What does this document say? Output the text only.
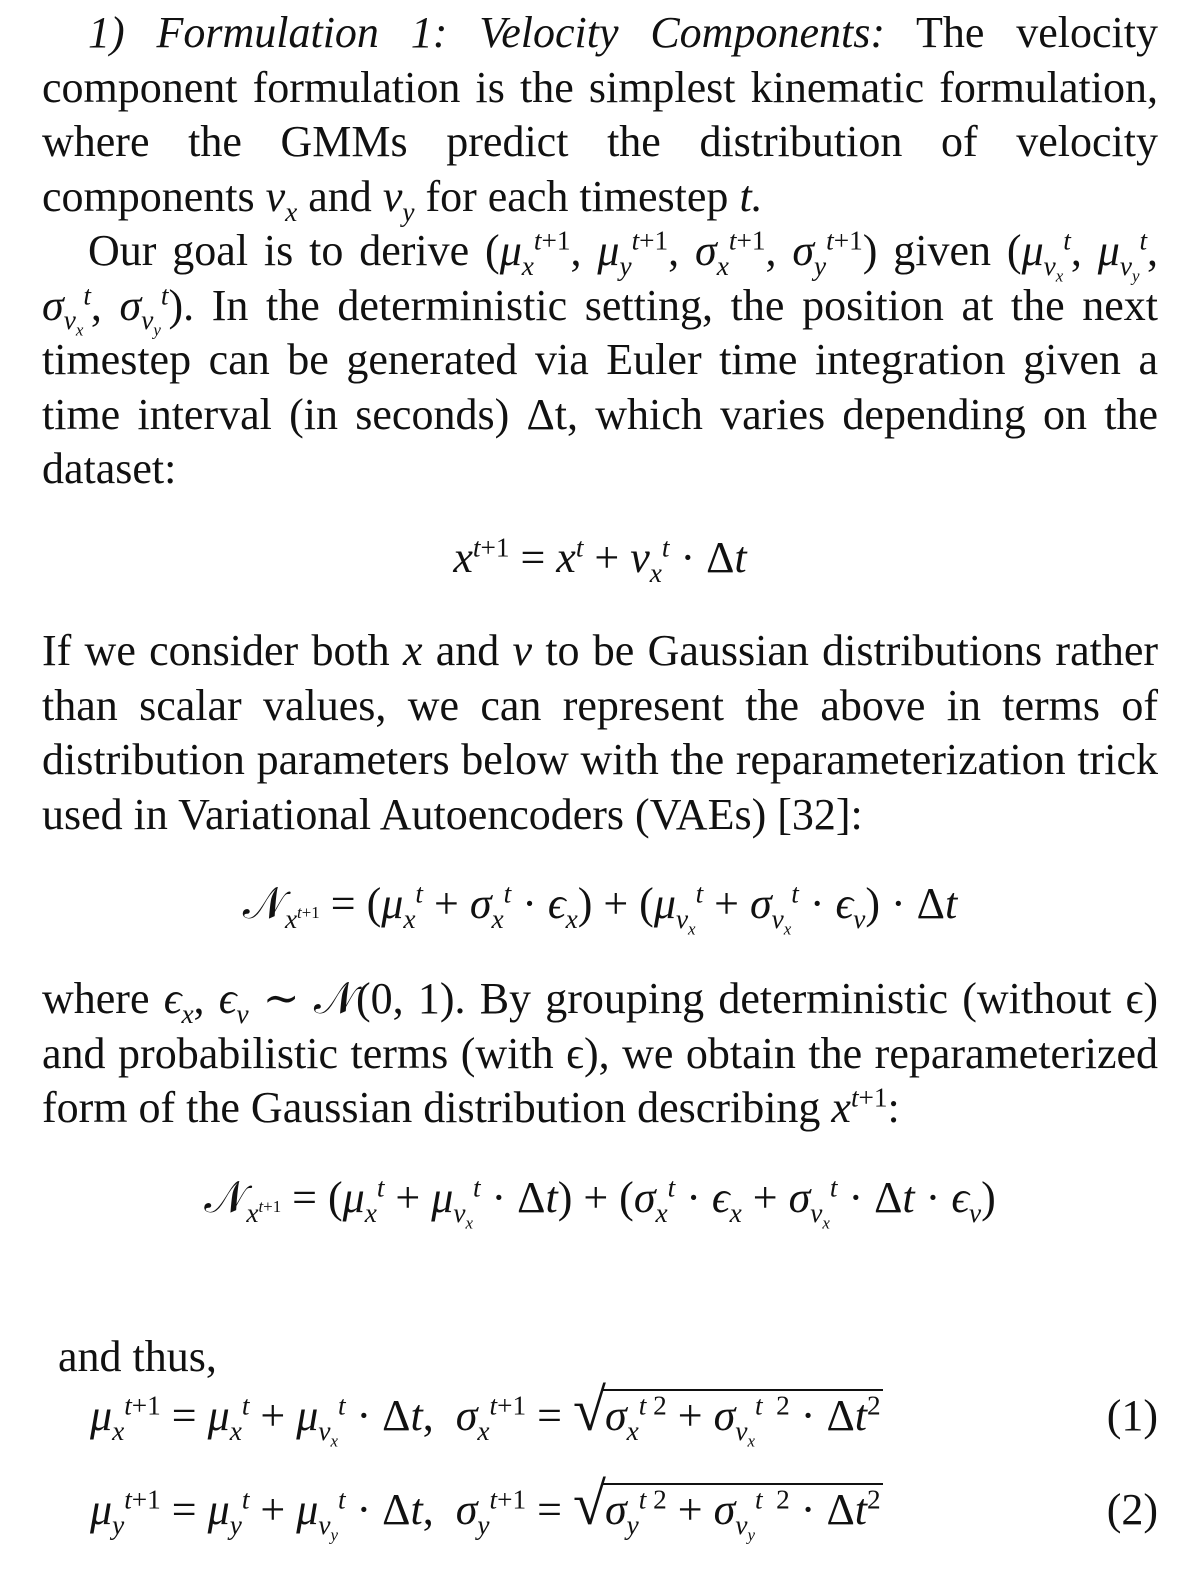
1) Formulation 1: Velocity Components: The velocity component formulation is the simplest kinematic formulation, where the GMMs predict the distribution of velocity components $v_x$ and $v_y$ for each timestep t.

Our goal is to derive ($\mu_x^{t+1}$, $\mu_y^{t+1}$, $\sigma_x^{t+1}$, $\sigma_y^{t+1}$) given ($\mu_{v_x}^t$, $\mu_{v_y}^t$, $\sigma_{v_x}^t$, $\sigma_{v_y}^t$). In the deterministic setting, the position at the next timestep can be generated via Euler time integration given a time interval (in seconds) Δt, which varies depending on the dataset:

$x^{t+1} = x^t + v_x^t \cdot \Delta t$

If we consider both x and v to be Gaussian distributions rather than scalar values, we can represent the above in terms of distribution parameters below with the reparameterization trick used in Variational Autoencoders (VAEs) [32]:

𝒩$_{x^{t+1}}$ = $(\mu_x^t + \sigma_x^t \cdot \epsilon_x) + (\mu_{v_x}^t + \sigma_{v_x}^t \cdot \epsilon_v) \cdot \Delta t$

where $\epsilon_x$, $\epsilon_v$ ∼ 𝒩(0, 1). By grouping deterministic (without ϵ) and probabilistic terms (with ϵ), we obtain the reparameterized form of the Gaussian distribution describing $x^{t+1}$:

𝒩$_{x^{t+1}}$ = $(\mu_x^t + \mu_{v_x}^t \cdot \Delta t) + (\sigma_x^t \cdot \epsilon_x + \sigma_{v_x}^t \cdot \Delta t \cdot \epsilon_v)$

and thus,

$\mu_x^{t+1} = \mu_x^t + \mu_{v_x}^t \cdot \Delta t$,  $\sigma_x^{t+1}$ = √ $\sigma_x^{t 2} + \sigma_{v_x}^{t 2} \cdot \Delta t^2$	(1)
$\mu_y^{t+1} = \mu_y^t + \mu_{v_y}^t \cdot \Delta t$,  $\sigma_y^{t+1}$ = √ $\sigma_y^{t 2} + \sigma_{v_y}^{t 2} \cdot \Delta t^2$	(2)
